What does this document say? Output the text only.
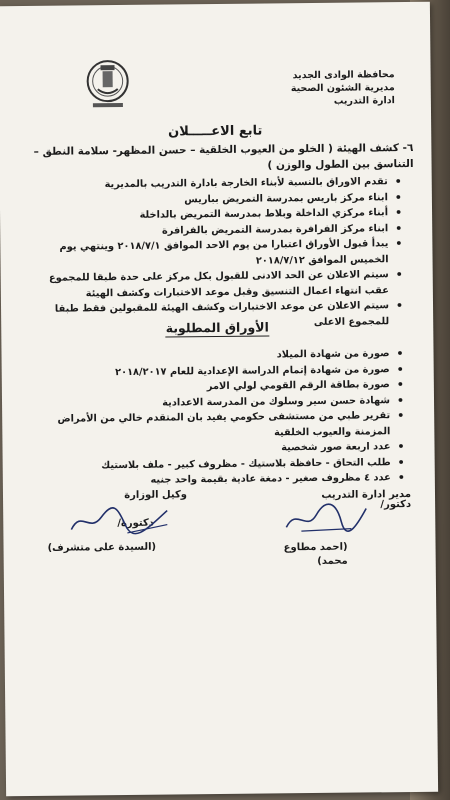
محافظة الوادى الجديد
مديرية الشئون الصحية
ادارة التدريب
تابع الاعـــــلان
٦- كشف الهيئة ( الخلو من العيوب الخلقية – حسن المظهر- سلامة النطق – التناسق بين الطول والوزن )
• تقدم الاوراق بالنسبة لأبناء الخارجة بادارة التدريب بالمديرية
• ابناء مركز باريس بمدرسة التمريض بباريس
• أبناء مركزي الداخلة وبلاط بمدرسة التمريض بالداخلة
• ابناء مركز الفرافرة بمدرسة التمريض بالفرافرة
• يبدأ قبول الأوراق اعتبارا من يوم الاحد الموافق ٢٠١٨/٧/١ وينتهي يوم الخميس الموافق ٢٠١٨/٧/١٢
• سيتم الاعلان عن الحد الادنى للقبول بكل مركز على حدة طبقا للمجموع عقب انتهاء اعمال التنسيق وقبل موعد الاختبارات وكشف الهيئة
• سيتم الاعلان عن موعد الاختبارات وكشف الهيئة للمقبولين فقط طبقا للمجموع الاعلى
الأوراق المطلوبة
• صورة من شهادة الميلاد
• صورة من شهادة إتمام الدراسة الإعدادية للعام ٢٠١٨/٢٠١٧
• صورة بطاقة الرقم القومي لولي الامر
• شهادة حسن سير وسلوك من المدرسة الاعدادية
• تقرير طبي من مستشفى حكومي يفيد بان المتقدم خالي من الأمراض المزمنة والعيوب الخلقية
• عدد اربعة صور شخصية
• طلب التحاق - حافظة بلاستيك - مظروف كبير - ملف بلاستيك
• عدد ٤ مظروف صغير - دمغة عادية بقيمة واحد جنيه
مدير ادارة التدريب
دكتور/
(احمد مطاوع محمد)
وكيل الوزارة
دكتورة/
(السيدة على متشرف)
